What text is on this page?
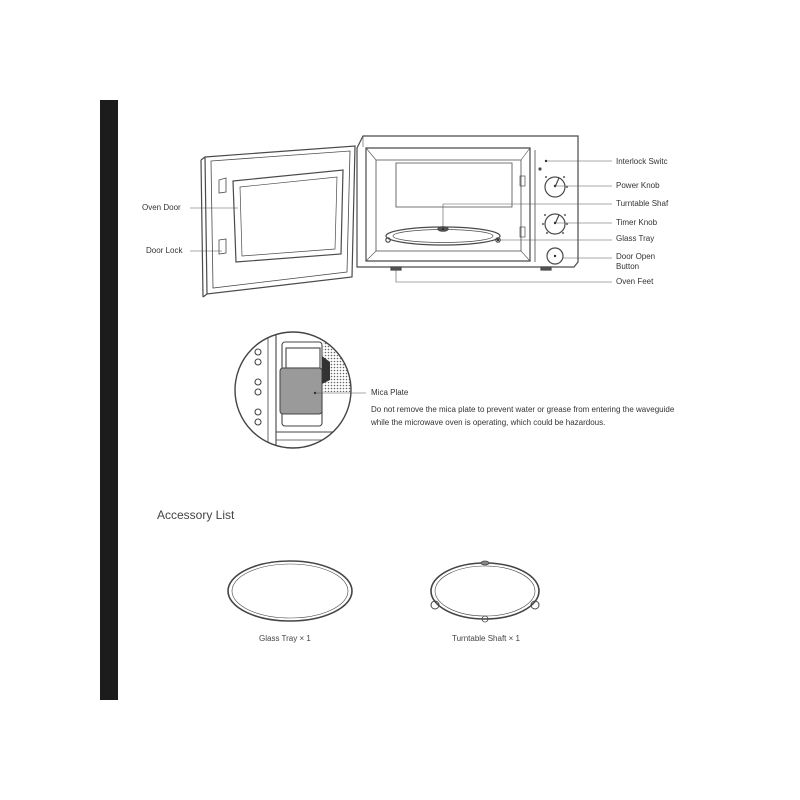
Oven Door
Door Lock
Interlock Switc
Power Knob
Turntable Shaf
Timer Knob
Glass Tray
Door Open
Button
Oven Feet
Mica Plate
Do not remove the mica plate to prevent water or grease from entering the waveguide while the microwave oven is operating, which could be hazardous.
Accessory List
Glass Tray × 1	Turntable Shaft × 1
